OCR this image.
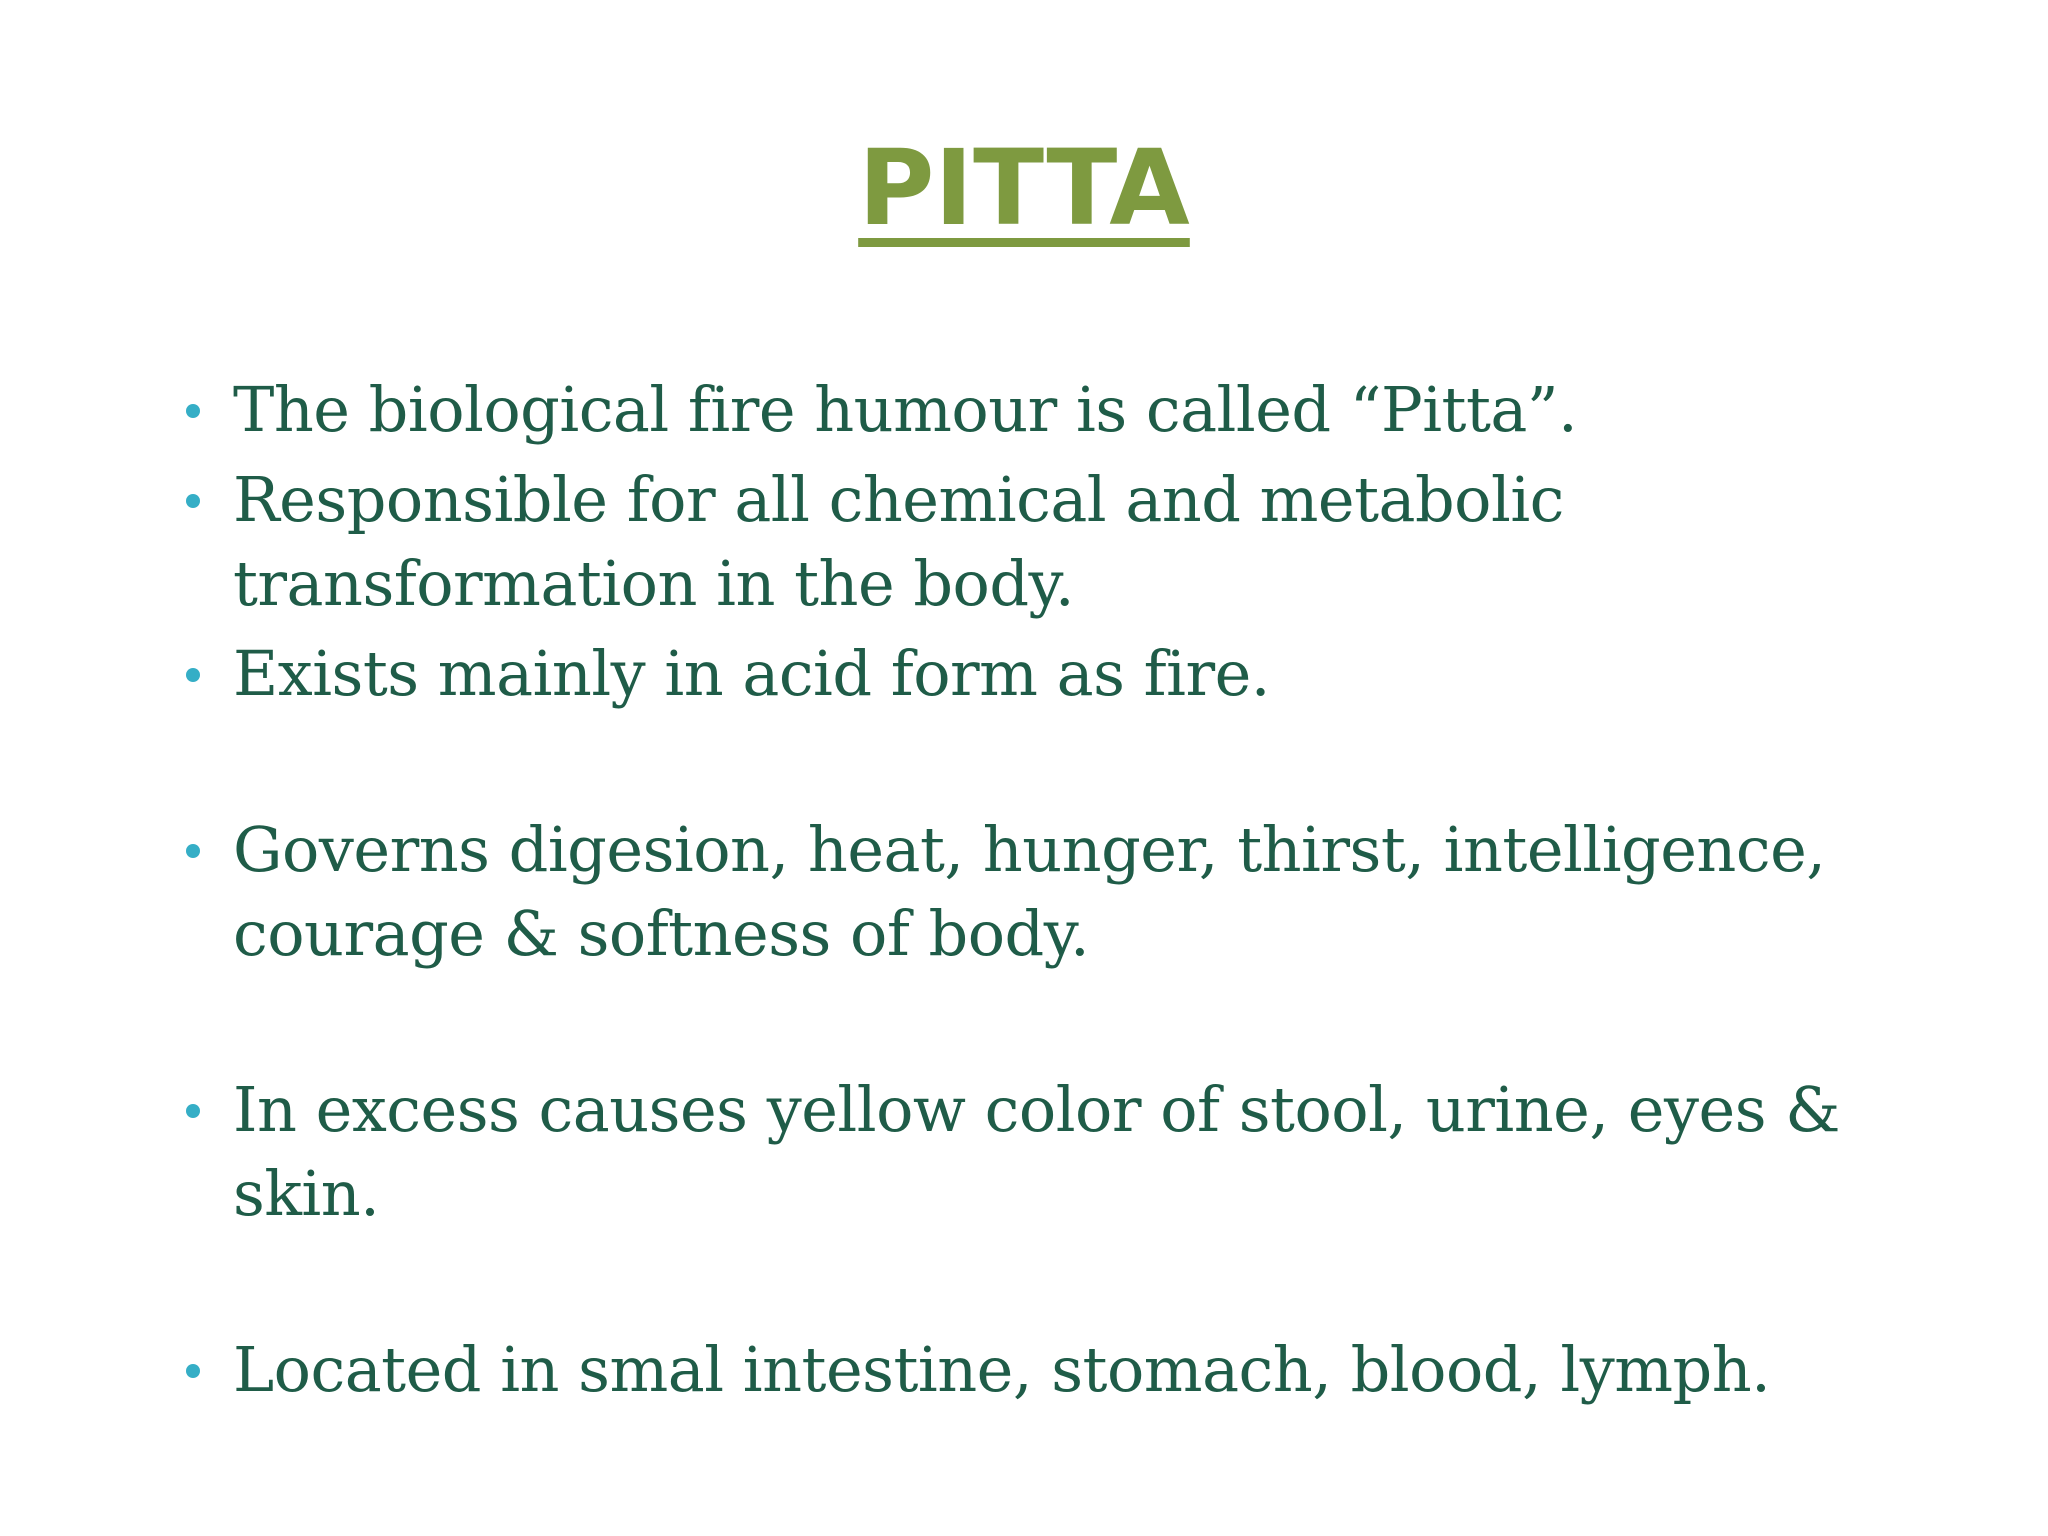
PITTA
The biological fire humour is called “Pitta”.
Responsible for all chemical and metabolic transformation in the body.
Exists mainly in acid form as fire.
Governs digesion, heat, hunger, thirst, intelligence, courage & softness of body.
In excess causes yellow color of stool, urine, eyes & skin.
Located in smal intestine, stomach, blood, lymph.
